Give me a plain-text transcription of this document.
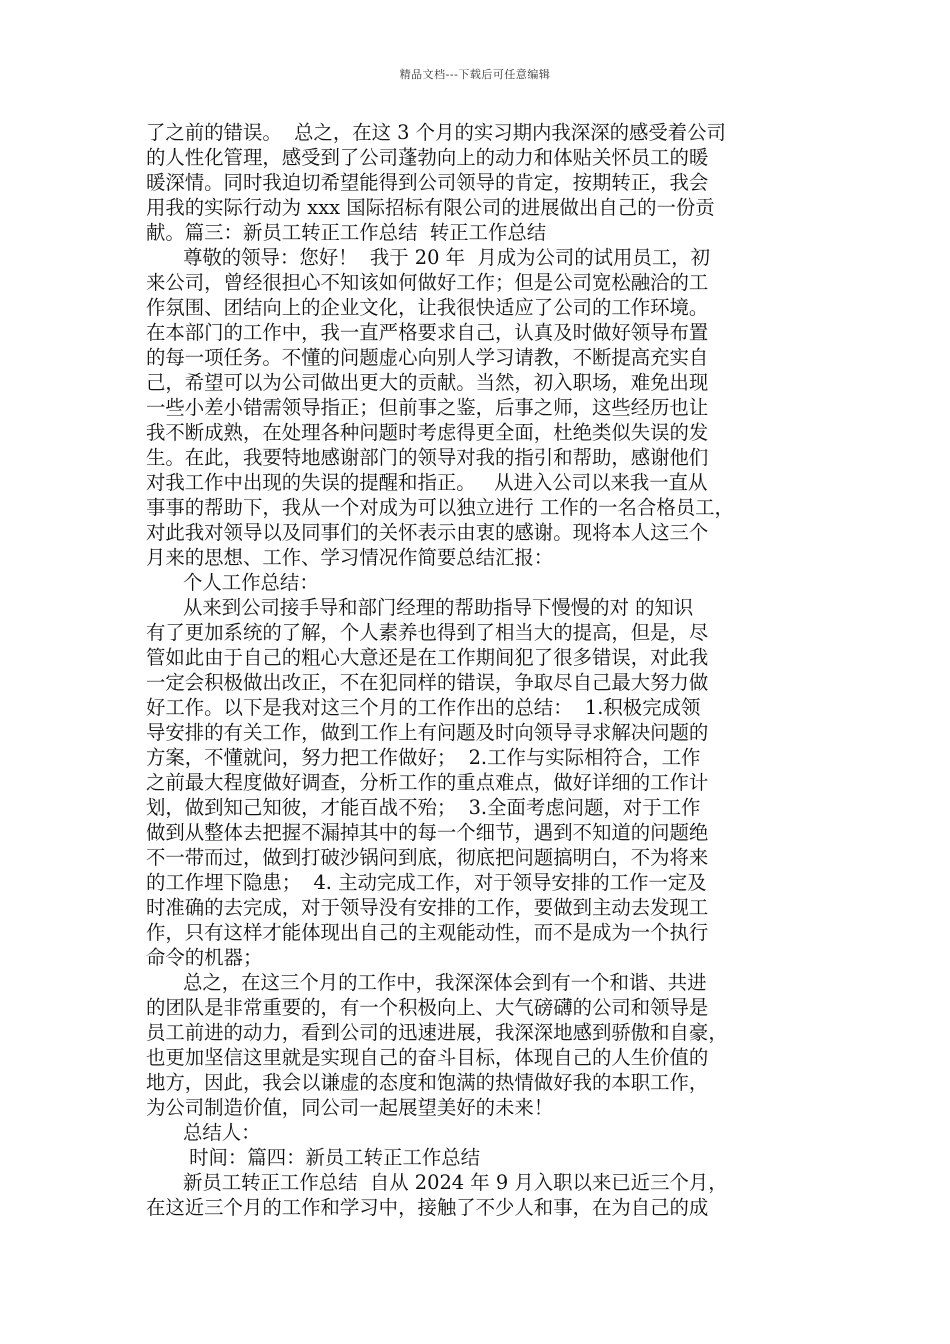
精品文档---下载后可任意编辑
了之前的错误。  总之，在这 3 个月的实习期内我深深的感受着公司
的人性化管理，感受到了公司蓬勃向上的动力和体贴关怀员工的暖
暖深情。同时我迫切希望能得到公司领导的肯定，按期转正，我会
用我的实际行动为 xxx 国际招标有限公司的进展做出自己的一份贡
献。篇三：新员工转正工作总结  转正工作总结
尊敬的领导：您好！  我于 20 年  月成为公司的试用员工，初
来公司，曾经很担心不知该如何做好工作；但是公司宽松融洽的工
作氛围、团结向上的企业文化，让我很快适应了公司的工作环境。
在本部门的工作中，我一直严格要求自己，认真及时做好领导布置
的每一项任务。不懂的问题虚心向别人学习请教，不断提高充实自
己，希望可以为公司做出更大的贡献。当然，初入职场，难免出现
一些小差小错需领导指正；但前事之鉴，后事之师，这些经历也让
我不断成熟，在处理各种问题时考虑得更全面，杜绝类似失误的发
生。在此，我要特地感谢部门的领导对我的指引和帮助，感谢他们
对我工作中出现的失误的提醒和指正。   从进入公司以来我一直从
事事的帮助下，我从一个对成为可以独立进行 工作的一名合格员工，
对此我对领导以及同事们的关怀表示由衷的感谢。现将本人这三个
月来的思想、工作、学习情况作简要总结汇报：
个人工作总结：
从来到公司接手导和部门经理的帮助指导下慢慢的对 的知识
有了更加系统的了解，个人素养也得到了相当大的提高，但是，尽
管如此由于自己的粗心大意还是在工作期间犯了很多错误，对此我
一定会积极做出改正，不在犯同样的错误，争取尽自己最大努力做
好工作。以下是我对这三个月的工作作出的总结：  1.积极完成领
导安排的有关工作，做到工作上有问题及时向领导寻求解决问题的
方案，不懂就问，努力把工作做好；  2.工作与实际相符合，工作
之前最大程度做好调查，分析工作的重点难点，做好详细的工作计
划，做到知己知彼，才能百战不殆；  3.全面考虑问题，对于工作
做到从整体去把握不漏掉其中的每一个细节，遇到不知道的问题绝
不一带而过，做到打破沙锅问到底，彻底把问题搞明白，不为将来
的工作埋下隐患；  4. 主动完成工作，对于领导安排的工作一定及
时准确的去完成，对于领导没有安排的工作，要做到主动去发现工
作，只有这样才能体现出自己的主观能动性，而不是成为一个执行
命令的机器；
总之，在这三个月的工作中，我深深体会到有一个和谐、共进
的团队是非常重要的，有一个积极向上、大气磅礴的公司和领导是
员工前进的动力，看到公司的迅速进展，我深深地感到骄傲和自豪，
也更加坚信这里就是实现自己的奋斗目标，体现自己的人生价值的
地方，因此，我会以谦虚的态度和饱满的热情做好我的本职工作，
为公司制造价值，同公司一起展望美好的未来！
总结人：
时间：篇四：新员工转正工作总结
新员工转正工作总结  自从 2024 年 9 月入职以来已近三个月，
在这近三个月的工作和学习中，接触了不少人和事，在为自己的成
